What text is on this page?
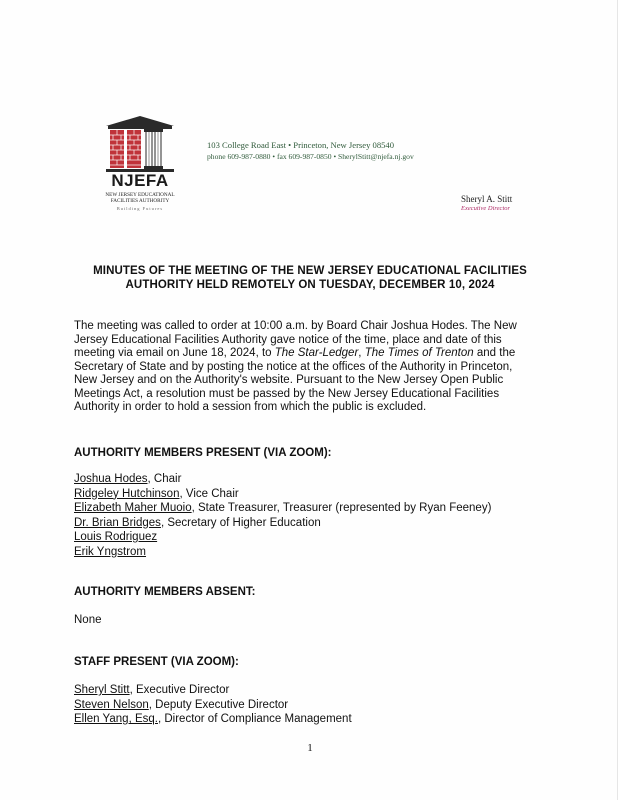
NJEFA
NEW JERSEY EDUCATIONAL FACILITIES AUTHORITY
Building Futures
103 College Road East • Princeton, New Jersey 08540
phone 609-987-0880 • fax 609-987-0850 • SherylStitt@njefa.nj.gov
Sheryl A. Stitt
Executive Director
MINUTES OF THE MEETING OF THE NEW JERSEY EDUCATIONAL FACILITIES
AUTHORITY HELD REMOTELY ON TUESDAY, DECEMBER 10, 2024
The meeting was called to order at 10:00 a.m. by Board Chair Joshua Hodes. The New Jersey Educational Facilities Authority gave notice of the time, place and date of this meeting via email on June 18, 2024, to The Star-Ledger, The Times of Trenton and the Secretary of State and by posting the notice at the offices of the Authority in Princeton, New Jersey and on the Authority's website. Pursuant to the New Jersey Open Public Meetings Act, a resolution must be passed by the New Jersey Educational Facilities Authority in order to hold a session from which the public is excluded.
AUTHORITY MEMBERS PRESENT (VIA ZOOM):
Joshua Hodes, Chair
Ridgeley Hutchinson, Vice Chair
Elizabeth Maher Muoio, State Treasurer, Treasurer (represented by Ryan Feeney)
Dr. Brian Bridges, Secretary of Higher Education
Louis Rodriguez
Erik Yngstrom
AUTHORITY MEMBERS ABSENT:
None
STAFF PRESENT (VIA ZOOM):
Sheryl Stitt, Executive Director
Steven Nelson, Deputy Executive Director
Ellen Yang, Esq., Director of Compliance Management
1
